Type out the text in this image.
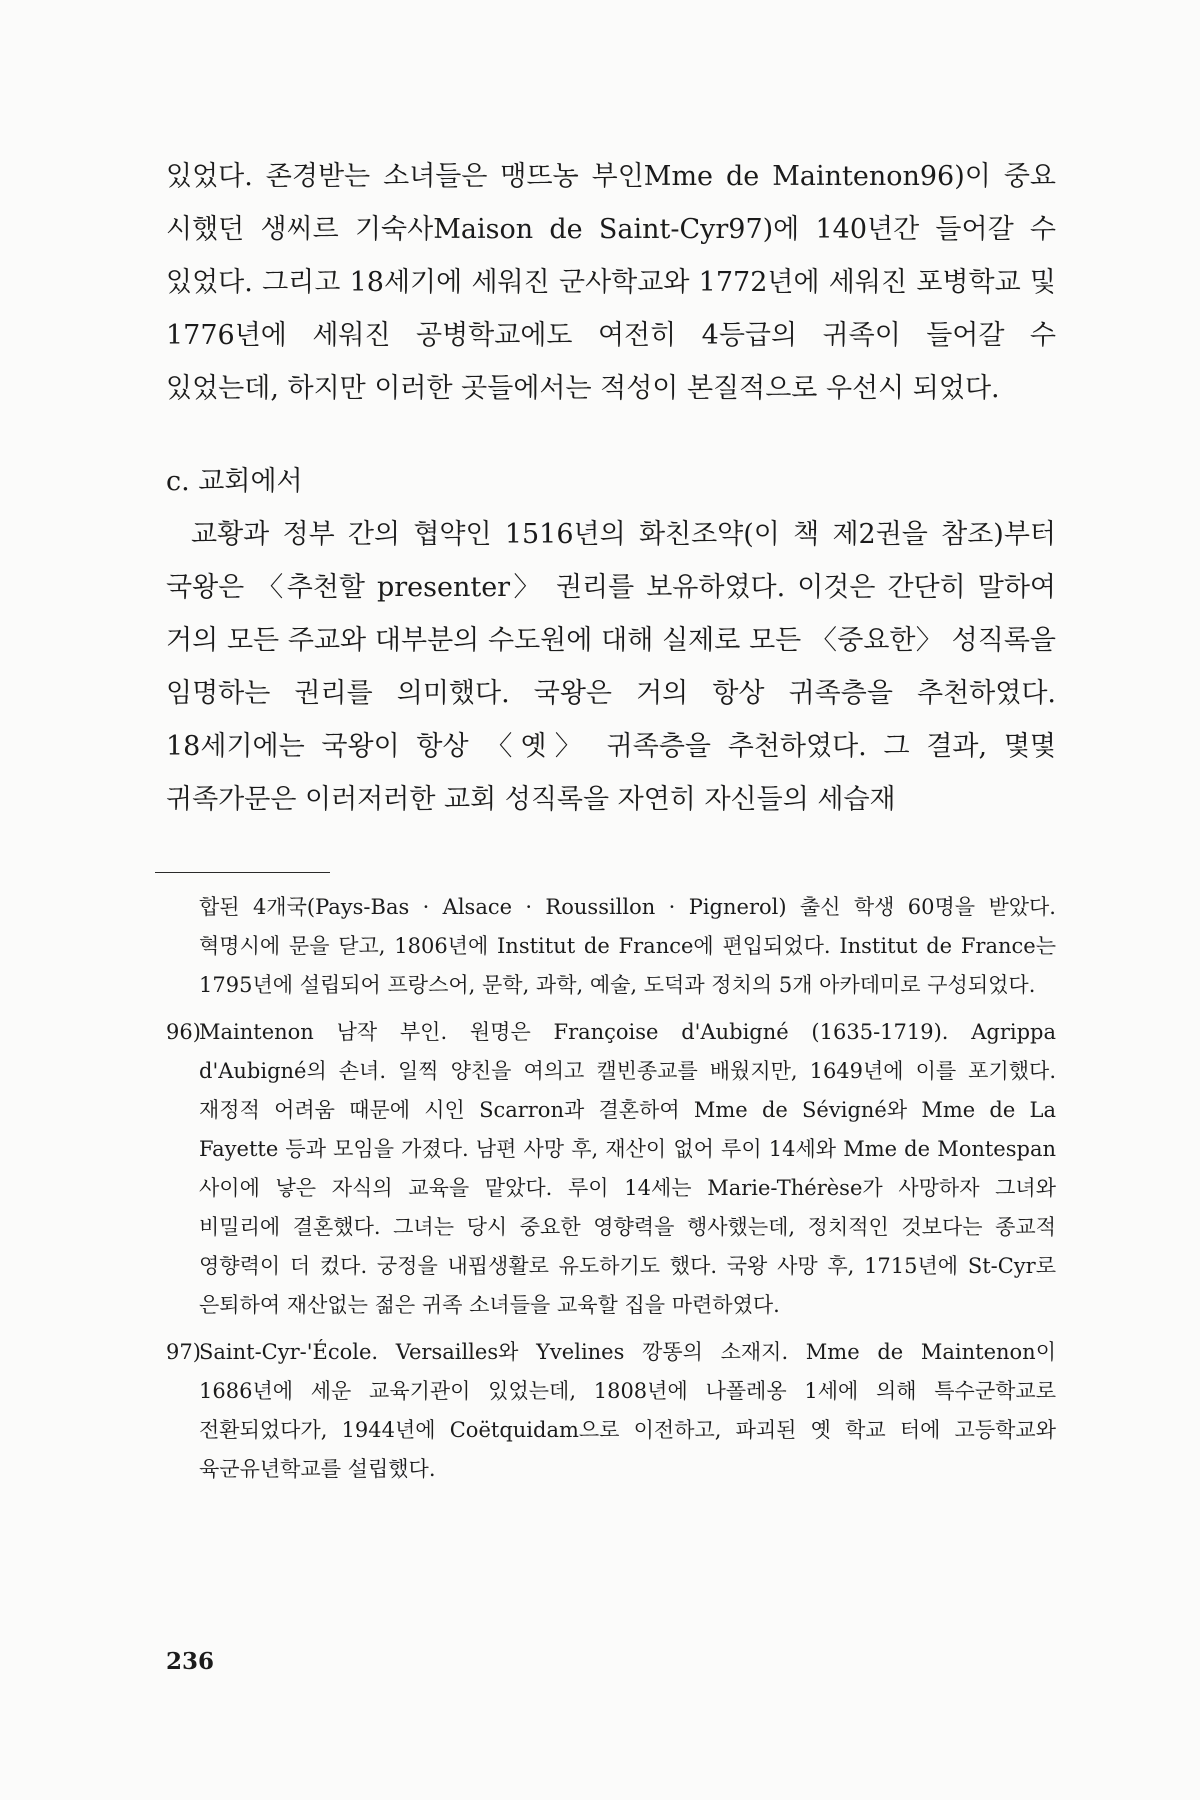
있었다. 존경받는 소녀들은 맹뜨농 부인Mme de Maintenon96)이 중요 시했던 생씨르 기숙사Maison de Saint-Cyr97)에 140년간 들어갈 수 있었다. 그리고 18세기에 세워진 군사학교와 1772년에 세워진 포병학교 및 1776년에 세워진 공병학교에도 여전히 4등급의 귀족이 들어갈 수 있었는데, 하지만 이러한 곳들에서는 적성이 본질적으로 우선시 되었다.

c. 교회에서

교황과 정부 간의 협약인 1516년의 화친조약(이 책 제2권을 참조)부터 국왕은 〈추천할 presenter〉 권리를 보유하였다. 이것은 간단히 말하여 거의 모든 주교와 대부분의 수도원에 대해 실제로 모든 〈중요한〉 성직록을 임명하는 권리를 의미했다. 국왕은 거의 항상 귀족층을 추천하였다. 18세기에는 국왕이 항상 〈옛〉 귀족층을 추천하였다. 그 결과, 몇몇 귀족가문은 이러저러한 교회 성직록을 자연히 자신들의 세습재

합된 4개국(Pays-Bas · Alsace · Roussillon · Pignerol) 출신 학생 60명을 받았다. 혁명시에 문을 닫고, 1806년에 Institut de France에 편입되었다. Institut de France는 1795년에 설립되어 프랑스어, 문학, 과학, 예술, 도덕과 정치의 5개 아카데미로 구성되었다.
96)
Maintenon 남작 부인. 원명은 Françoise d'Aubigné (1635-1719). Agrippa d'Aubigné의 손녀. 일찍 양친을 여의고 캘빈종교를 배웠지만, 1649년에 이를 포기했다. 재정적 어려움 때문에 시인 Scarron과 결혼하여 Mme de Sévigné와 Mme de La Fayette 등과 모임을 가졌다. 남편 사망 후, 재산이 없어 루이 14세와 Mme de Montespan 사이에 낳은 자식의 교육을 맡았다. 루이 14세는 Marie-Thérèse가 사망하자 그녀와 비밀리에 결혼했다. 그녀는 당시 중요한 영향력을 행사했는데, 정치적인 것보다는 종교적 영향력이 더 컸다. 궁정을 내핍생활로 유도하기도 했다. 국왕 사망 후, 1715년에 St-Cyr로 은퇴하여 재산없는 젊은 귀족 소녀들을 교육할 집을 마련하였다.
97)
Saint-Cyr-'École. Versailles와 Yvelines 깡똥의 소재지. Mme de Maintenon이 1686년에 세운 교육기관이 있었는데, 1808년에 나폴레옹 1세에 의해 특수군학교로 전환되었다가, 1944년에 Coëtquidam으로 이전하고, 파괴된 옛 학교 터에 고등학교와 육군유년학교를 설립했다.
236
